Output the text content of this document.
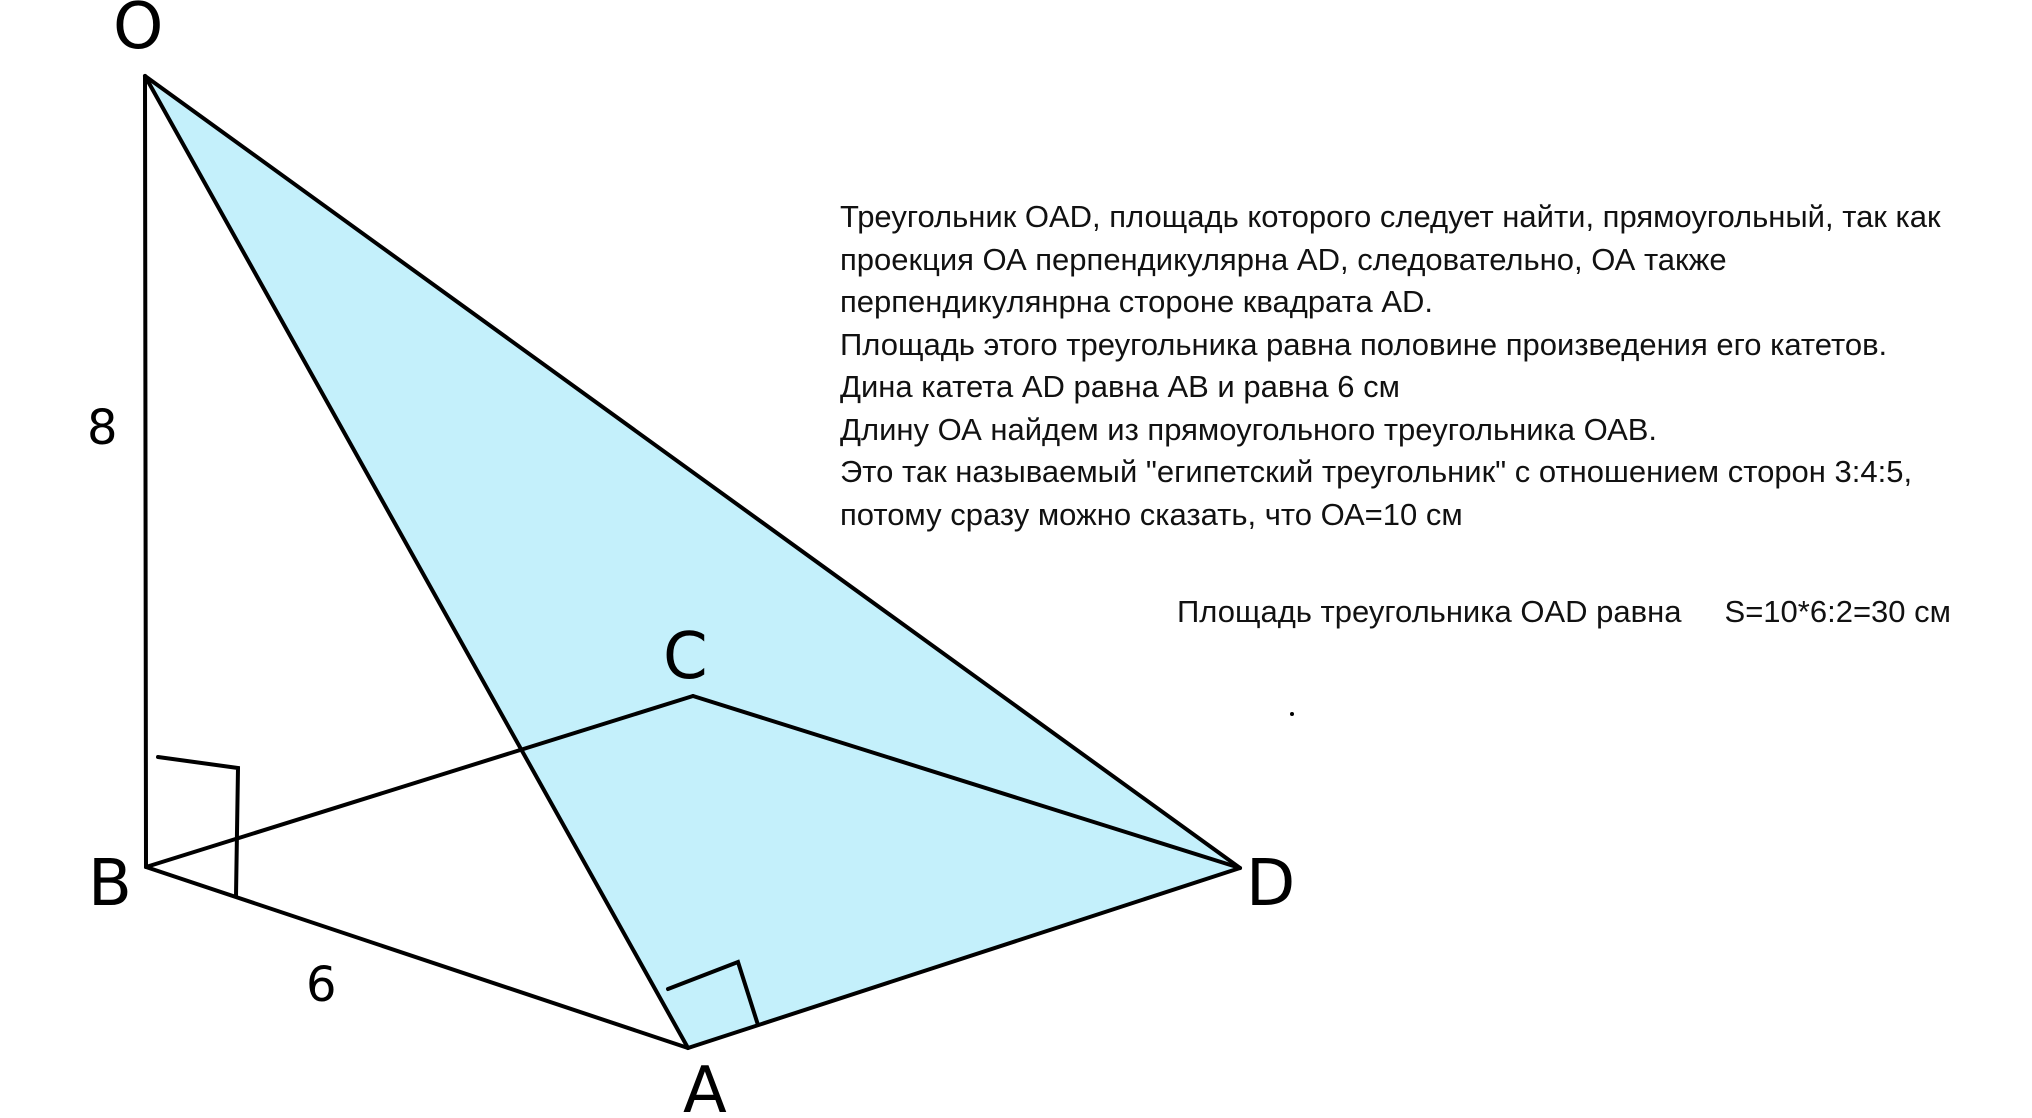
O
B
C
D
A
8
6
Треугольник OAD, площадь которого следует найти, прямоугольный, так как
проекция ОА перпендикулярна AD, следовательно, ОА также
перпендикулянрна стороне квадрата AD.
Площадь этого треугольника равна половине произведения его катетов.
Дина катета AD равна АВ и равна 6 см
Длину ОА найдем из прямоугольного треугольника ОАВ.
Это так называемый "египетский треугольник" с отношением сторон 3:4:5,
потому сразу можно сказать, что ОА=10 см
Площадь треугольника OAD равна S=10*6:2=30 см
